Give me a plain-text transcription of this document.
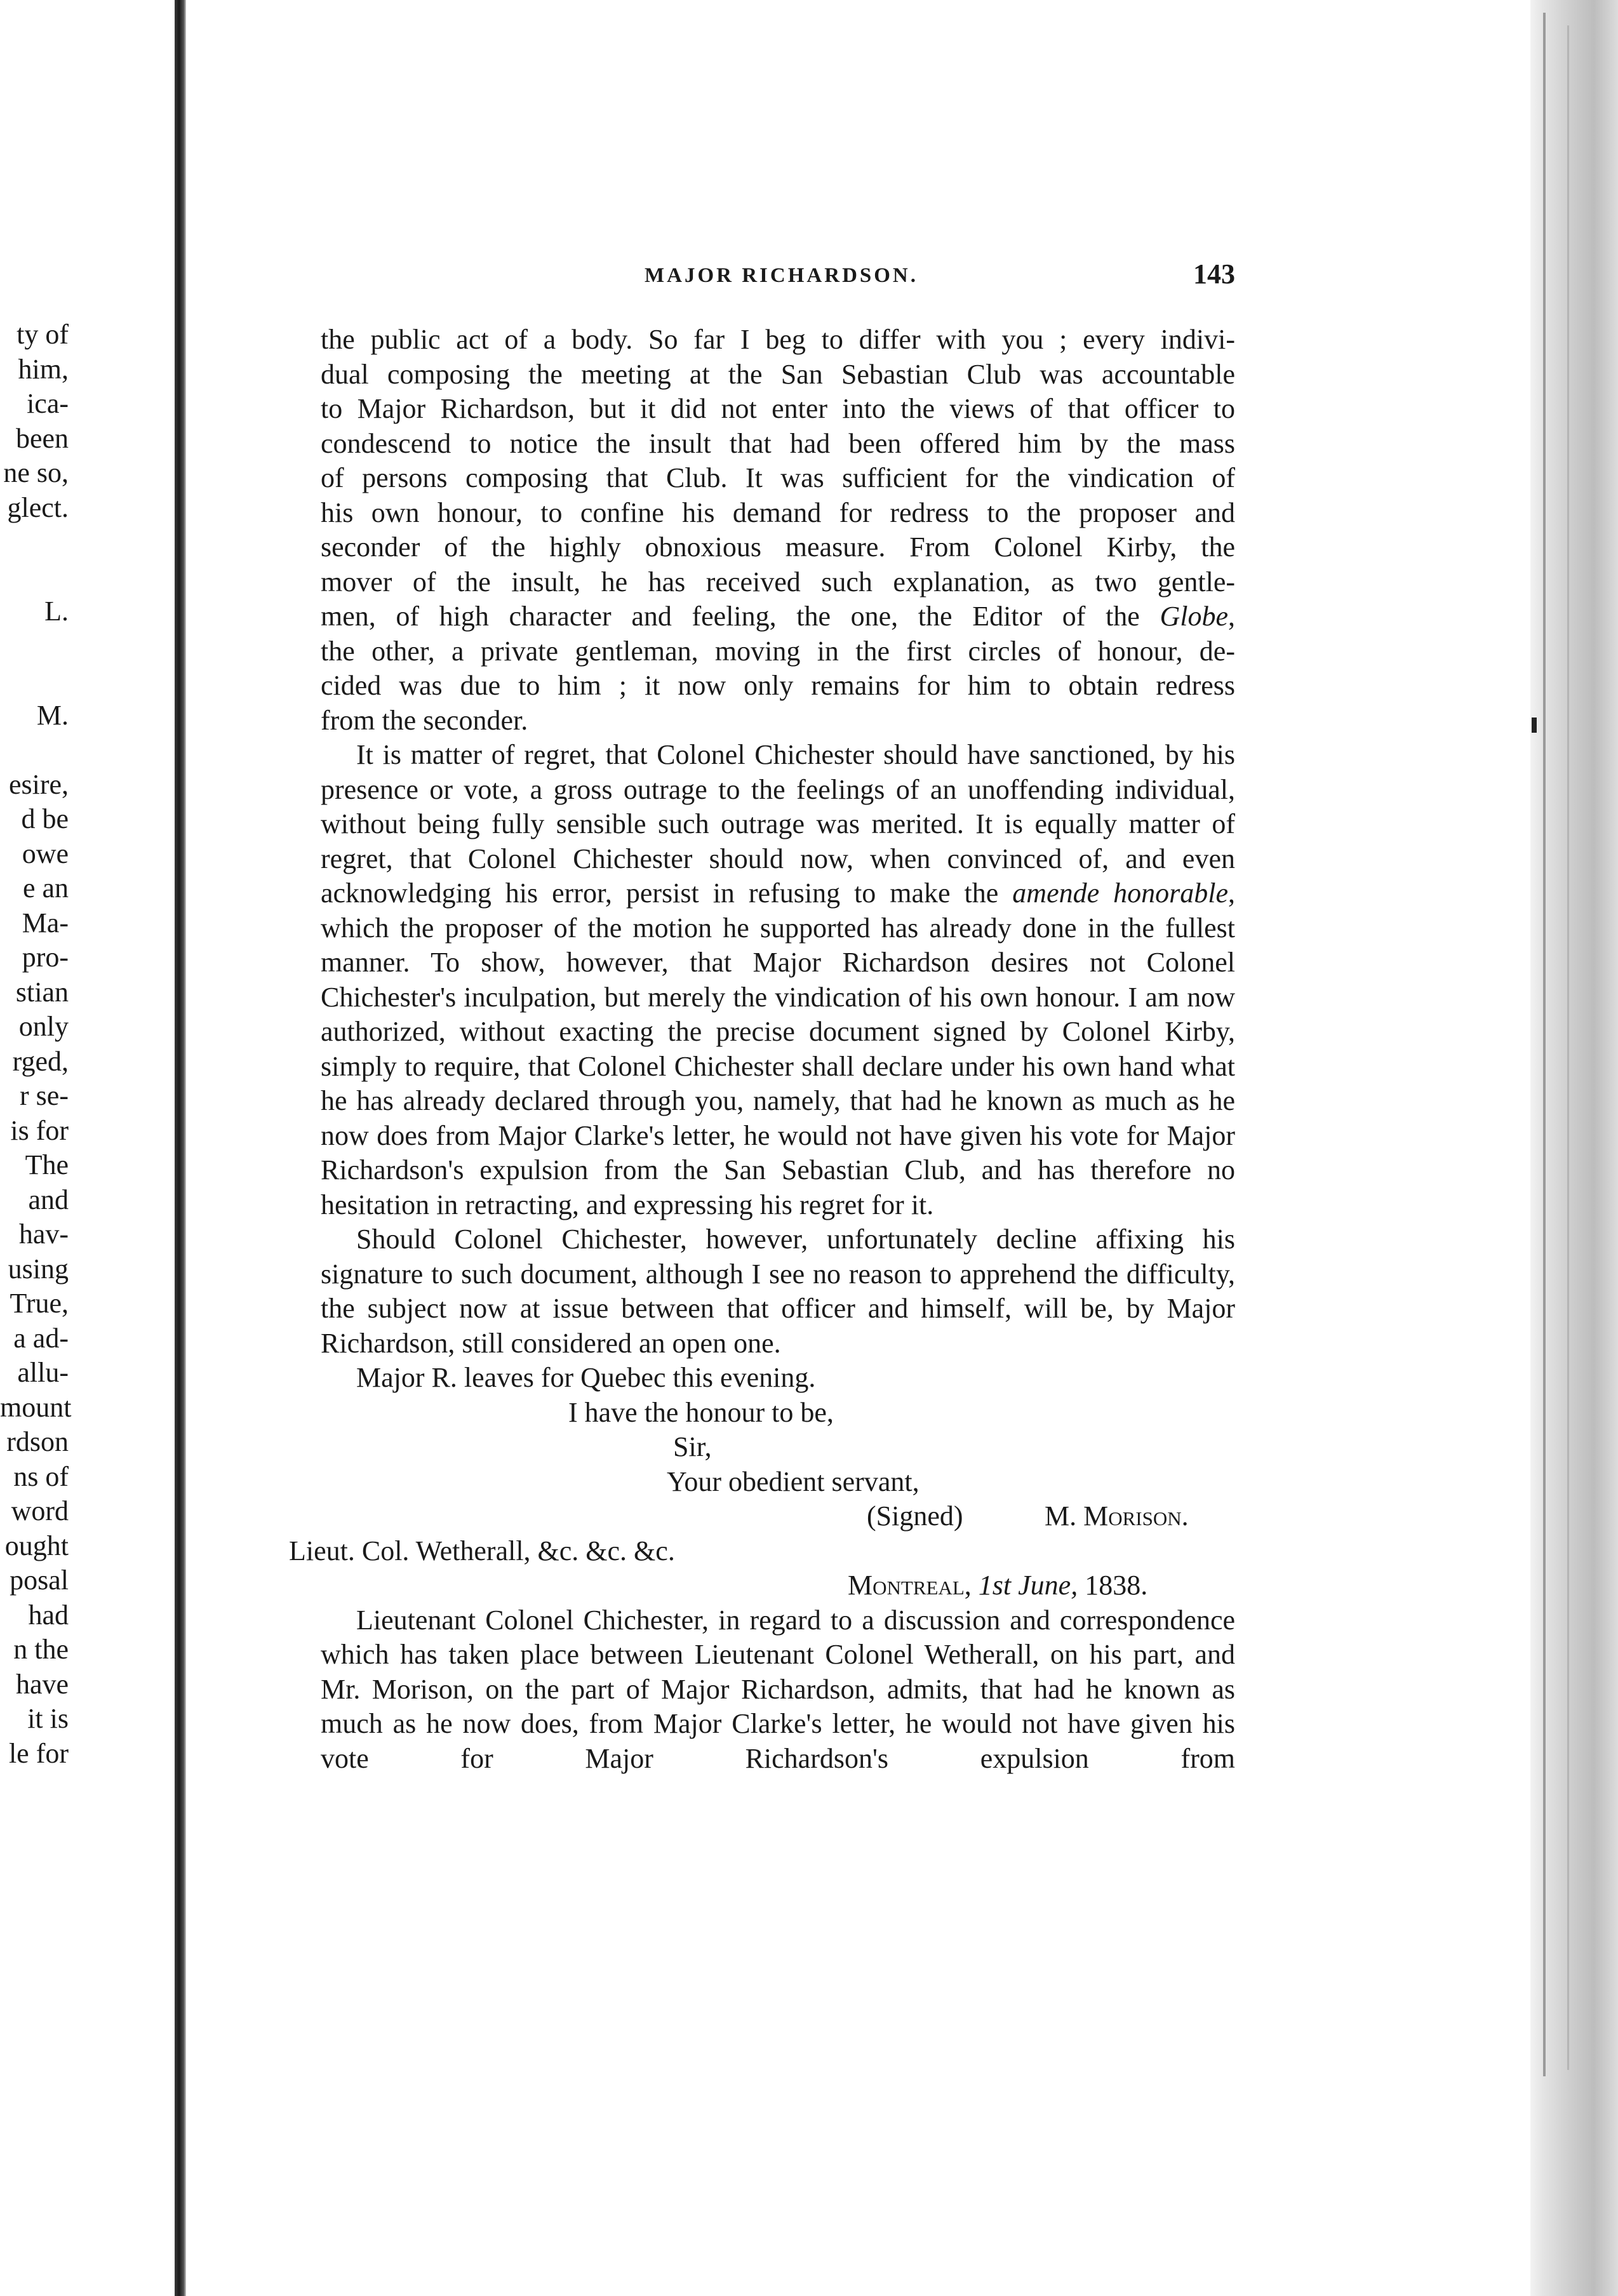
ty of
him,
ica-
been
ne so,
glect.

L.

M.

esire,
d be
owe
e an
Ma-
pro-
stian
only
rged,
r se-
is for
The
and
hav-
using
True,
a ad-
allu-
mount
rdson
ns of
word
ought
posal
had
n the
have
it is
le for
MAJOR RICHARDSON.	143

the public act of a body. So far I beg to differ with you ; every indivi-

dual composing the meeting at the San Sebastian Club was accountable

to Major Richardson, but it did not enter into the views of that officer to

condescend to notice the insult that had been offered him by the mass

of persons composing that Club. It was sufficient for the vindication of

his own honour, to confine his demand for redress to the proposer and

seconder of the highly obnoxious measure. From Colonel Kirby, the

mover of the insult, he has received such explanation, as two gentle-

men, of high character and feeling, the one, the Editor of the Globe,

the other, a private gentleman, moving in the first circles of honour, de-

cided was due to him ; it now only remains for him to obtain redress

from the seconder.

It is matter of regret, that Colonel Chichester should have sanctioned, by his presence or vote, a gross outrage to the feelings of an unoffending individual, without being fully sensible such outrage was merited. It is equally matter of regret, that Colonel Chichester should now, when convinced of, and even acknowledging his error, persist in refusing to make the amende honorable, which the proposer of the motion he supported has already done in the fullest manner. To show, however, that Major Richardson desires not Colonel Chichester's inculpation, but merely the vindication of his own honour. I am now authorized, without exacting the precise document signed by Colonel Kirby, simply to require, that Colonel Chichester shall declare under his own hand what he has already declared through you, namely, that had he known as much as he now does from Major Clarke's letter, he would not have given his vote for Major Richardson's expulsion from the San Sebastian Club, and has therefore no hesitation in retracting, and expressing his regret for it.

Should Colonel Chichester, however, unfortunately decline affixing his signature to such document, although I see no reason to apprehend the difficulty, the subject now at issue between that officer and himself, will be, by Major Richardson, still considered an open one.

Major R. leaves for Quebec this evening.

I have the honour to be,
Sir,
Your obedient servant,
(Signed)	M. Morison.
Lieut. Col. Wetherall, &c. &c. &c.
Montreal, 1st June, 1838.

Lieutenant Colonel Chichester, in regard to a discussion and correspondence which has taken place between Lieutenant Colonel Wetherall, on his part, and Mr. Morison, on the part of Major Richardson, admits, that had he known as much as he now does, from Major Clarke's letter, he would not have given his vote for Major Richardson's expulsion from
